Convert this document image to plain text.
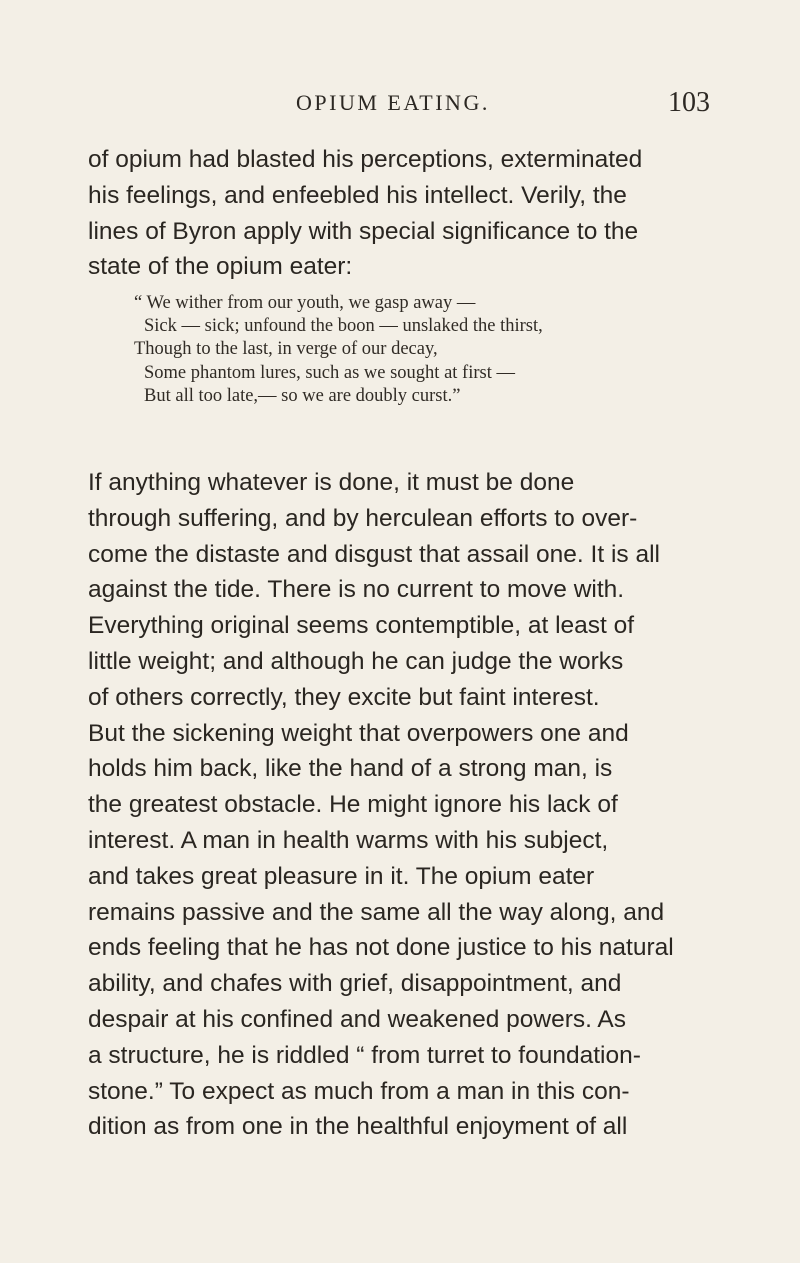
OPIUM EATING.	103

of opium had blasted his perceptions, exterminated
his feelings, and enfeebled his intellect. Verily, the
lines of Byron apply with special significance to the
state of the opium eater:

“ We wither from our youth, we gasp away —
Sick — sick; unfound the boon — unslaked the thirst,
Though to the last, in verge of our decay,
Some phantom lures, such as we sought at first —
But all too late,— so we are doubly curst.”

If anything whatever is done, it must be done
through suffering, and by herculean efforts to over-
come the distaste and disgust that assail one. It is all
against the tide. There is no current to move with.
Everything original seems contemptible, at least of
little weight; and although he can judge the works
of others correctly, they excite but faint interest.
But the sickening weight that overpowers one and
holds him back, like the hand of a strong man, is
the greatest obstacle. He might ignore his lack of
interest. A man in health warms with his subject,
and takes great pleasure in it. The opium eater
remains passive and the same all the way along, and
ends feeling that he has not done justice to his natural
ability, and chafes with grief, disappointment, and
despair at his confined and weakened powers. As
a structure, he is riddled “ from turret to foundation-
stone.” To expect as much from a man in this con-
dition as from one in the healthful enjoyment of all
